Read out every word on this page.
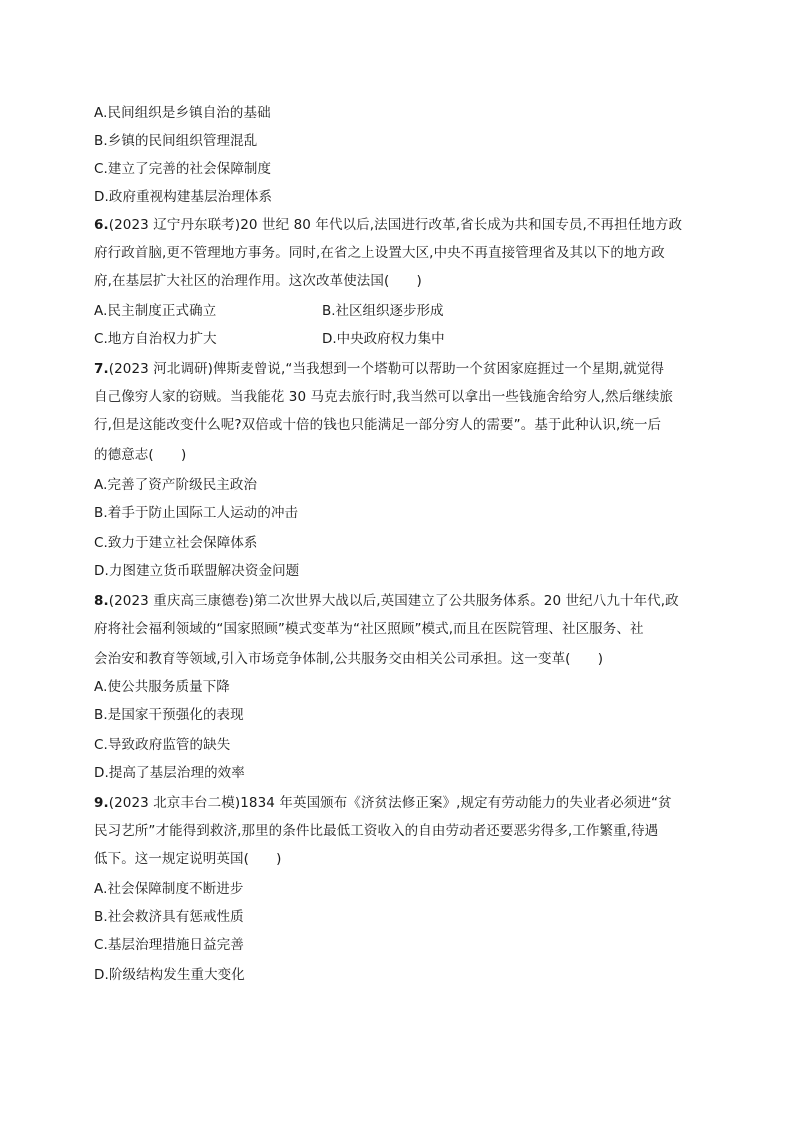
A.民间组织是乡镇自治的基础
B.乡镇的民间组织管理混乱
C.建立了完善的社会保障制度
D.政府重视构建基层治理体系
6.(2023 辽宁丹东联考)20 世纪 80 年代以后,法国进行改革,省长成为共和国专员,不再担任地方政
府行政首脑,更不管理地方事务。同时,在省之上设置大区,中央不再直接管理省及其以下的地方政
府,在基层扩大社区的治理作用。这次改革使法国(　　)
A.民主制度正式确立	B.社区组织逐步形成
C.地方自治权力扩大	D.中央政府权力集中
7.(2023 河北调研)俾斯麦曾说,“当我想到一个塔勒可以帮助一个贫困家庭捱过一个星期,就觉得
自己像穷人家的窃贼。当我能花 30 马克去旅行时,我当然可以拿出一些钱施舍给穷人,然后继续旅
行,但是这能改变什么呢?双倍或十倍的钱也只能满足一部分穷人的需要”。基于此种认识,统一后
的德意志(　　)
A.完善了资产阶级民主政治
B.着手于防止国际工人运动的冲击
C.致力于建立社会保障体系
D.力图建立货币联盟解决资金问题
8.(2023 重庆高三康德卷)第二次世界大战以后,英国建立了公共服务体系。20 世纪八九十年代,政
府将社会福利领域的“国家照顾”模式变革为“社区照顾”模式,而且在医院管理、社区服务、社
会治安和教育等领域,引入市场竞争体制,公共服务交由相关公司承担。这一变革(　　)
A.使公共服务质量下降
B.是国家干预强化的表现
C.导致政府监管的缺失
D.提高了基层治理的效率
9.(2023 北京丰台二模)1834 年英国颁布《济贫法修正案》,规定有劳动能力的失业者必须进“贫
民习艺所”才能得到救济,那里的条件比最低工资收入的自由劳动者还要恶劣得多,工作繁重,待遇
低下。这一规定说明英国(　　)
A.社会保障制度不断进步
B.社会救济具有惩戒性质
C.基层治理措施日益完善
D.阶级结构发生重大变化
